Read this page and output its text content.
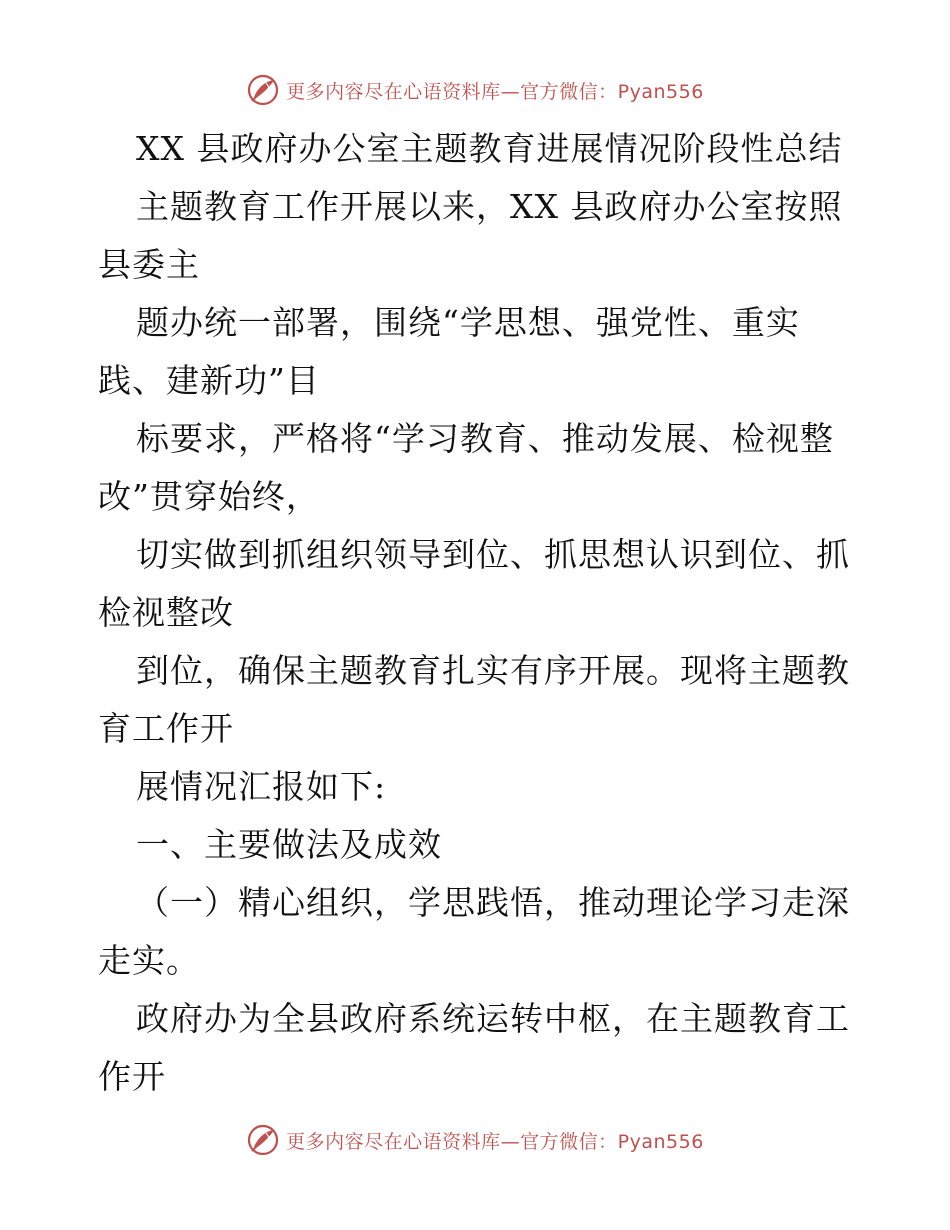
更多内容尽在心语资料库—官方微信：Pyan556
XX 县政府办公室主题教育进展情况阶段性总结
主题教育工作开展以来，XX 县政府办公室按照
县委主
题办统一部署，围绕“学思想、强党性、重实
践、建新功”目
标要求，严格将“学习教育、推动发展、检视整
改”贯穿始终，
切实做到抓组织领导到位、抓思想认识到位、抓
检视整改
到位，确保主题教育扎实有序开展。现将主题教
育工作开
展情况汇报如下:
一、主要做法及成效
（一）精心组织，学思践悟，推动理论学习走深
走实。
政府办为全县政府系统运转中枢，在主题教育工
作开
更多内容尽在心语资料库—官方微信：Pyan556
